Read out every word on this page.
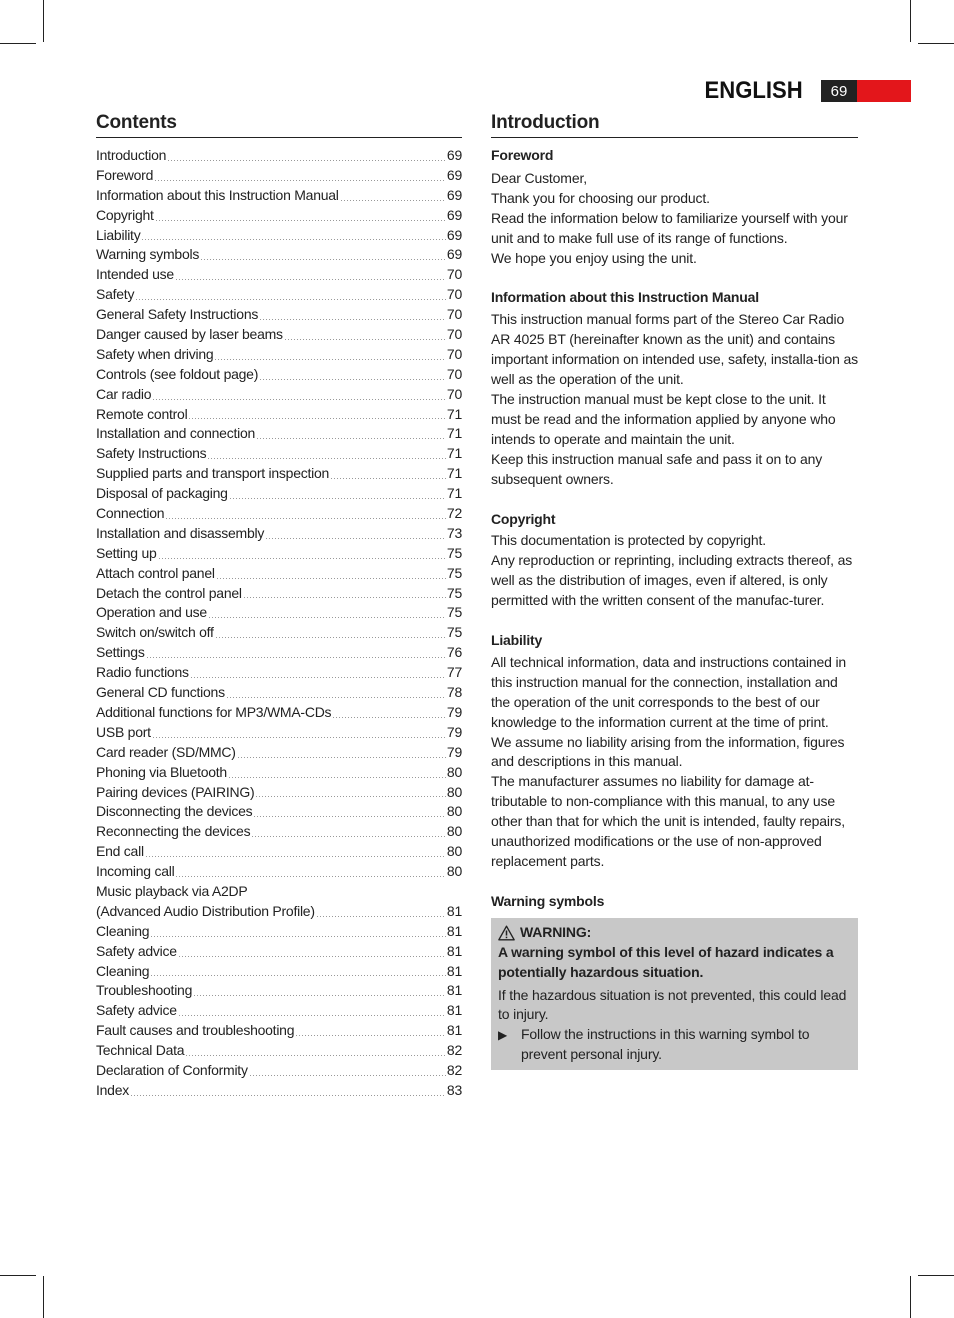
ENGLISH	69
Contents
Introduction	69
Foreword	69
Information about this Instruction Manual	69
Copyright	69
Liability	69
Warning symbols	69
Intended use	70
Safety	70
General Safety Instructions	70
Danger caused by laser beams	70
Safety when driving	70
Controls (see foldout page)	70
Car radio	70
Remote control	71
Installation and connection	71
Safety Instructions	71
Supplied parts and transport inspection	71
Disposal of packaging	71
Connection	72
Installation and disassembly	73
Setting up	75
Attach control panel	75
Detach the control panel	75
Operation and use	75
Switch on/switch off	75
Settings	76
Radio functions	77
General CD functions	78
Additional functions for MP3/WMA-CDs	79
USB port	79
Card reader (SD/MMC)	79
Phoning via Bluetooth	80
Pairing devices (PAIRING)	80
Disconnecting the devices	80
Reconnecting the devices	80
End call	80
Incoming call	80
Music playback via A2DP
(Advanced Audio Distribution Profile)	81
Cleaning	81
Safety advice	81
Cleaning	81
Troubleshooting	81
Safety advice	81
Fault causes and troubleshooting	81
Technical Data	82
Declaration of Conformity	82
Index	83
Introduction
Foreword

Dear Customer,

Thank you for choosing our product.

Read the information below to familiarize yourself with your unit and to make full use of its range of functions.

We hope you enjoy using the unit.

Information about this Instruction Manual

This instruction manual forms part of the Stereo Car Radio AR 4025 BT (hereinafter known as the unit) and contains important information on intended use, safety, installa-tion as well as the operation of the unit.

The instruction manual must be kept close to the unit. It must be read and the information applied by anyone who intends to operate and maintain the unit.

Keep this instruction manual safe and pass it on to any subsequent owners.

Copyright

This documentation is protected by copyright.

Any reproduction or reprinting, including extracts thereof, as well as the distribution of images, even if altered, is only permitted with the written consent of the manufac-turer.

Liability

All technical information, data and instructions contained in this instruction manual for the connection, installation and the operation of the unit corresponds to the best of our knowledge to the information current at the time of print.

We assume no liability arising from the information, figures and descriptions in this manual.

The manufacturer assumes no liability for damage at-tributable to non-compliance with this manual, to any use other than that for which the unit is intended, faulty repairs, unauthorized modifications or the use of non-approved replacement parts.

Warning symbols
WARNING:
A warning symbol of this level of hazard indicates a potentially hazardous situation.
If the hazardous situation is not prevented, this could lead to injury.
▶ Follow the instructions in this warning symbol to prevent personal injury.
